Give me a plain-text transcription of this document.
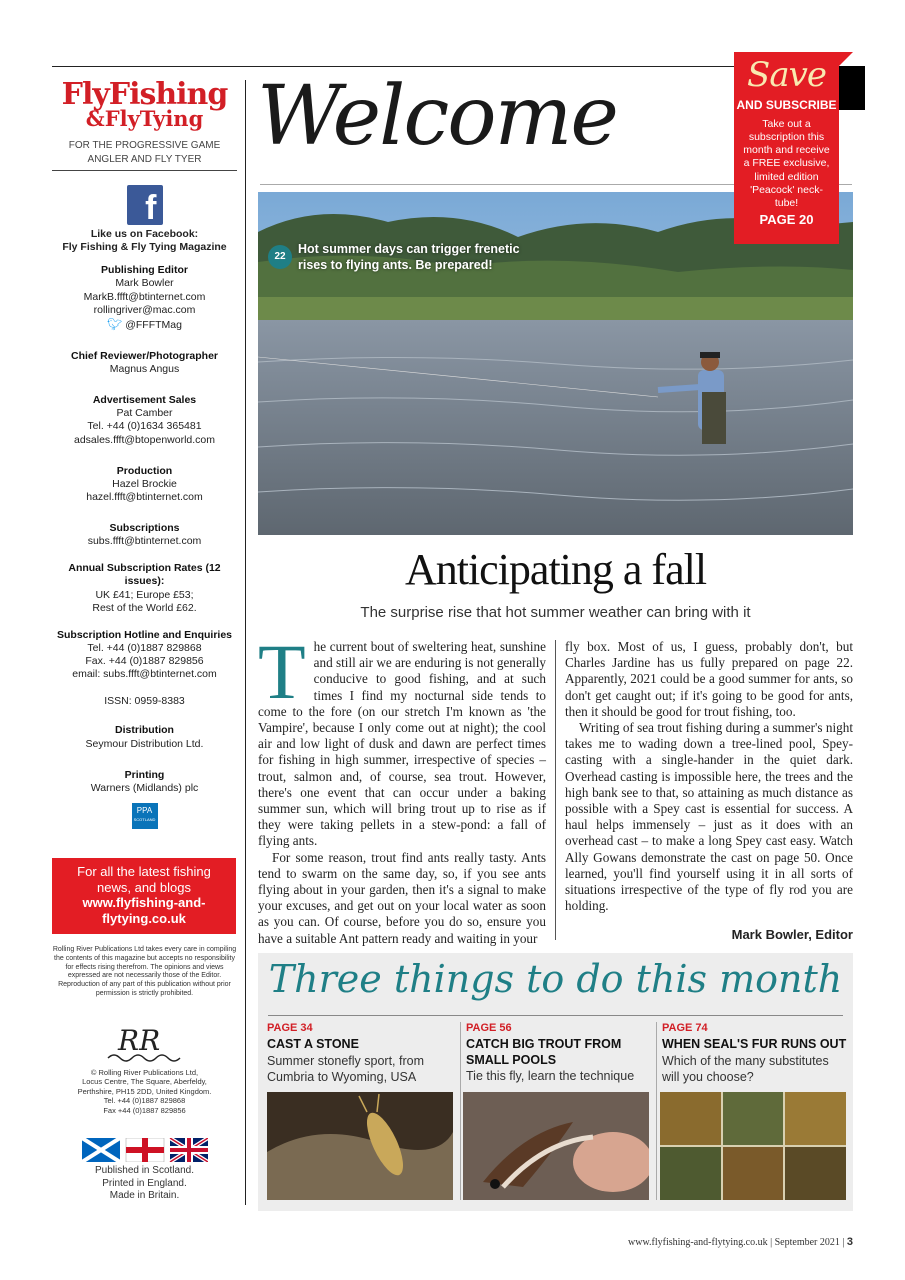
FlyFishing
&FlyTying
FOR THE PROGRESSIVE GAME
ANGLER AND FLY TYER
f
Like us on Facebook:
Fly Fishing & Fly Tying Magazine
Publishing Editor
Mark Bowler
MarkB.ffft@btinternet.com
rollingriver@mac.com
🐦︎ @FFFTMag
Chief Reviewer/Photographer
Magnus Angus
Advertisement Sales
Pat Camber
Tel. +44 (0)1634 365481
adsales.ffft@btopenworld.com
Production
Hazel Brockie
hazel.ffft@btinternet.com
Subscriptions
subs.ffft@btinternet.com
Annual Subscription Rates (12 issues):
UK £41; Europe £53;
Rest of the World £62.
Subscription Hotline and Enquiries
Tel. +44 (0)1887 829868
Fax. +44 (0)1887 829856
email: subs.ffft@btinternet.com
ISSN: 0959-8383
Distribution
Seymour Distribution Ltd.
Printing
Warners (Midlands) plc
PPA
SCOTLAND
For all the latest fishing
news, and blogs
www.flyfishing-and-
flytying.co.uk
Rolling River Publications Ltd takes every care in compiling the contents of this magazine but accepts no responsibility for effects rising therefrom. The opinions and views expressed are not necessarily those of the Editor. Reproduction of any part of this publication without prior permission is strictly prohibited.
RR
© Rolling River Publications Ltd,
Locus Centre, The Square, Aberfeldy,
Perthshire, PH15 2DD, United Kingdom.
Tel. +44 (0)1887 829868
Fax +44 (0)1887 829856
Published in Scotland.
Printed in England.
Made in Britain.
Welcome
22
Hot summer days can trigger frenetic rises to flying ants. Be prepared!
Save
AND SUBSCRIBE
Take out a subscription this month and receive a FREE exclusive, limited edition 'Peacock' neck-tube!
PAGE 20
Anticipating a fall
The surprise rise that hot summer weather can bring with it

The current bout of sweltering heat, sunshine and still air we are enduring is not generally conducive to good fishing, and at such times I find my nocturnal side tends to come to the fore (on our stretch I'm known as 'the Vampire', because I only come out at night); the cool air and low light of dusk and dawn are perfect times for fishing in high summer, irrespective of species – trout, salmon and, of course, sea trout. However, there's one event that can occur under a baking summer sun, which will bring trout up to rise as if they were taking pellets in a stew-pond: a fall of flying ants.

For some reason, trout find ants really tasty. Ants tend to swarm on the same day, so, if you see ants flying about in your garden, then it's a signal to make your excuses, and get out on your local water as soon as you can. Of course, before you do so, ensure you have a suitable Ant pattern ready and waiting in your

fly box. Most of us, I guess, probably don't, but Charles Jardine has us fully prepared on page 22. Apparently, 2021 could be a good summer for ants, so don't get caught out; if it's going to be good for ants, then it should be good for trout fishing, too.

Writing of sea trout fishing during a summer's night takes me to wading down a tree-lined pool, Spey-casting with a single-hander in the quiet dark. Overhead casting is impossible here, the trees and the high bank see to that, so attaining as much distance as possible with a Spey cast is essential for success. A haul helps immensely – just as it does with an overhead cast – to make a long Spey cast easy. Watch Ally Gowans demonstrate the cast on page 50. Once learned, you'll find yourself using it in all sorts of situations irrespective of the type of fly rod you are holding.

Mark Bowler, Editor
Three things to do this month
PAGE 34
CAST A STONE
Summer stonefly sport, from Cumbria to Wyoming, USA
PAGE 56
CATCH BIG TROUT FROM SMALL POOLS
Tie this fly, learn the technique
PAGE 74
WHEN SEAL'S FUR RUNS OUT
Which of the many substitutes will you choose?
www.flyfishing-and-flytying.co.uk | September 2021 | 3
